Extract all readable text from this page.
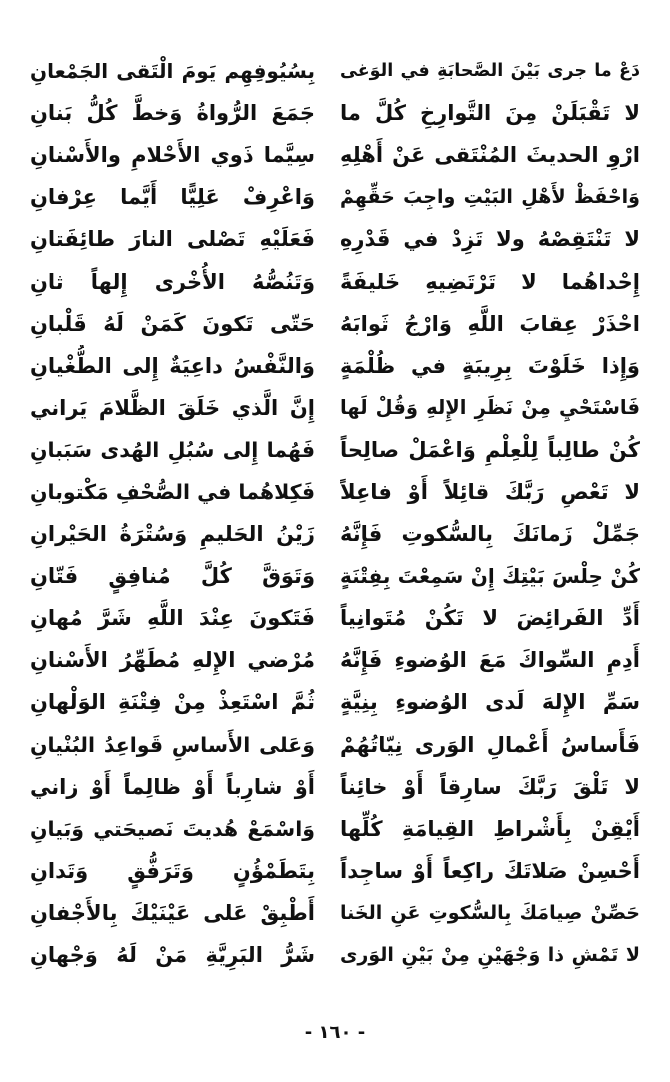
دَعْ ما جرى بَيْنَ الصَّحابَةِ في الوَغى
بِسُيُوفِهِم يَومَ الْتَقى الجَمْعانِ
لا تَقْبَلَنْ مِنَ التَّوارِخِ كُلَّ ما
جَمَعَ الرُّواةُ وَخطَّ كُلُّ بَنانِ
ارْوِ الحديثَ المُنْتَقى عَنْ أَهْلِهِ
سِيَّما ذَوي الأَحْلامِ والأَسْنانِ
وَاحْفَظْ لأَهْلِ البَيْتِ واجِبَ حَقِّهِمْ
وَاعْرِفْ عَلِيًّا أَيَّما عِرْفانِ
لا تَنْتَقِصْهُ ولا تَزِدْ في قَدْرِهِ
فَعَلَيْهِ تَصْلى النارَ طائِفَتانِ
إِحْداهُما لا تَرْتَضِيهِ خَليفَةً
وَتَنُصُّهُ الأُخْرى إِلهاً ثانِ
احْذَرْ عِقابَ اللَّهِ وَارْجُ ثَوابَهُ
حَتّى تَكونَ كَمَنْ لَهُ قَلْبانِ
وَإِذا خَلَوْتَ بِرِيبَةٍ في ظُلْمَةٍ
وَالنَّفْسُ داعِيَةٌ إِلى الطُّغْيانِ
فَاسْتَحْيِ مِنْ نَظَرِ الإِلهِ وَقُلْ لَها
إِنَّ الَّذي خَلَقَ الظَّلامَ يَراني
كُنْ طالِباً لِلْعِلْمِ وَاعْمَلْ صالِحاً
فَهُما إِلى سُبُلِ الهُدى سَبَبانِ
لا تَعْصِ رَبَّكَ قائِلاً أَوْ فاعِلاً
فَكِلاهُما في الصُّحْفِ مَكْتوبانِ
جَمِّلْ زَمانَكَ بِالسُّكوتِ فَإِنَّهُ
زَيْنُ الحَليمِ وَسُتْرَةُ الحَيْرانِ
كُنْ حِلْسَ بَيْتِكَ إِنْ سَمِعْتَ بِفِتْنَةٍ
وَتَوَقَّ كُلَّ مُنافِقٍ فَتّانِ
أَدِّ الفَرائِضَ لا تَكُنْ مُتَوانِياً
فَتَكونَ عِنْدَ اللَّهِ شَرَّ مُهانِ
أَدِمِ السِّواكَ مَعَ الوُضوءِ فَإِنَّهُ
مُرْضي الإِلهِ مُطَهِّرُ الأَسْنانِ
سَمِّ الإِلهَ لَدى الوُضوءِ بِنِيَّةٍ
ثُمَّ اسْتَعِذْ مِنْ فِتْنَةِ الوَلْهانِ
فَأَساسُ أَعْمالِ الوَرى نِيّاتُهُمْ
وَعَلى الأَساسِ قَواعِدُ البُنْيانِ
لا تَلْقَ رَبَّكَ سارِقاً أَوْ خائِناً
أَوْ شارِباً أَوْ ظالِماً أَوْ زاني
أَيْقِنْ بِأَشْراطِ القِيامَةِ كُلِّها
وَاسْمَعْ هُديتَ نَصيحَتي وَبَيانِ
أَحْسِنْ صَلاتَكَ راكِعاً أَوْ ساجِداً
بِتَطَمْؤُنٍ وَتَرَفُّقٍ وَتَدانِ
حَصِّنْ صِيامَكَ بِالسُّكوتِ عَنِ الخَنا
أَطْبِقْ عَلى عَيْنَيْكَ بِالأَجْفانِ
لا تَمْشِ ذا وَجْهَيْنِ مِنْ بَيْنِ الوَرى
شَرُّ البَرِيَّةِ مَنْ لَهُ وَجْهانِ
- ١٦٠ -
